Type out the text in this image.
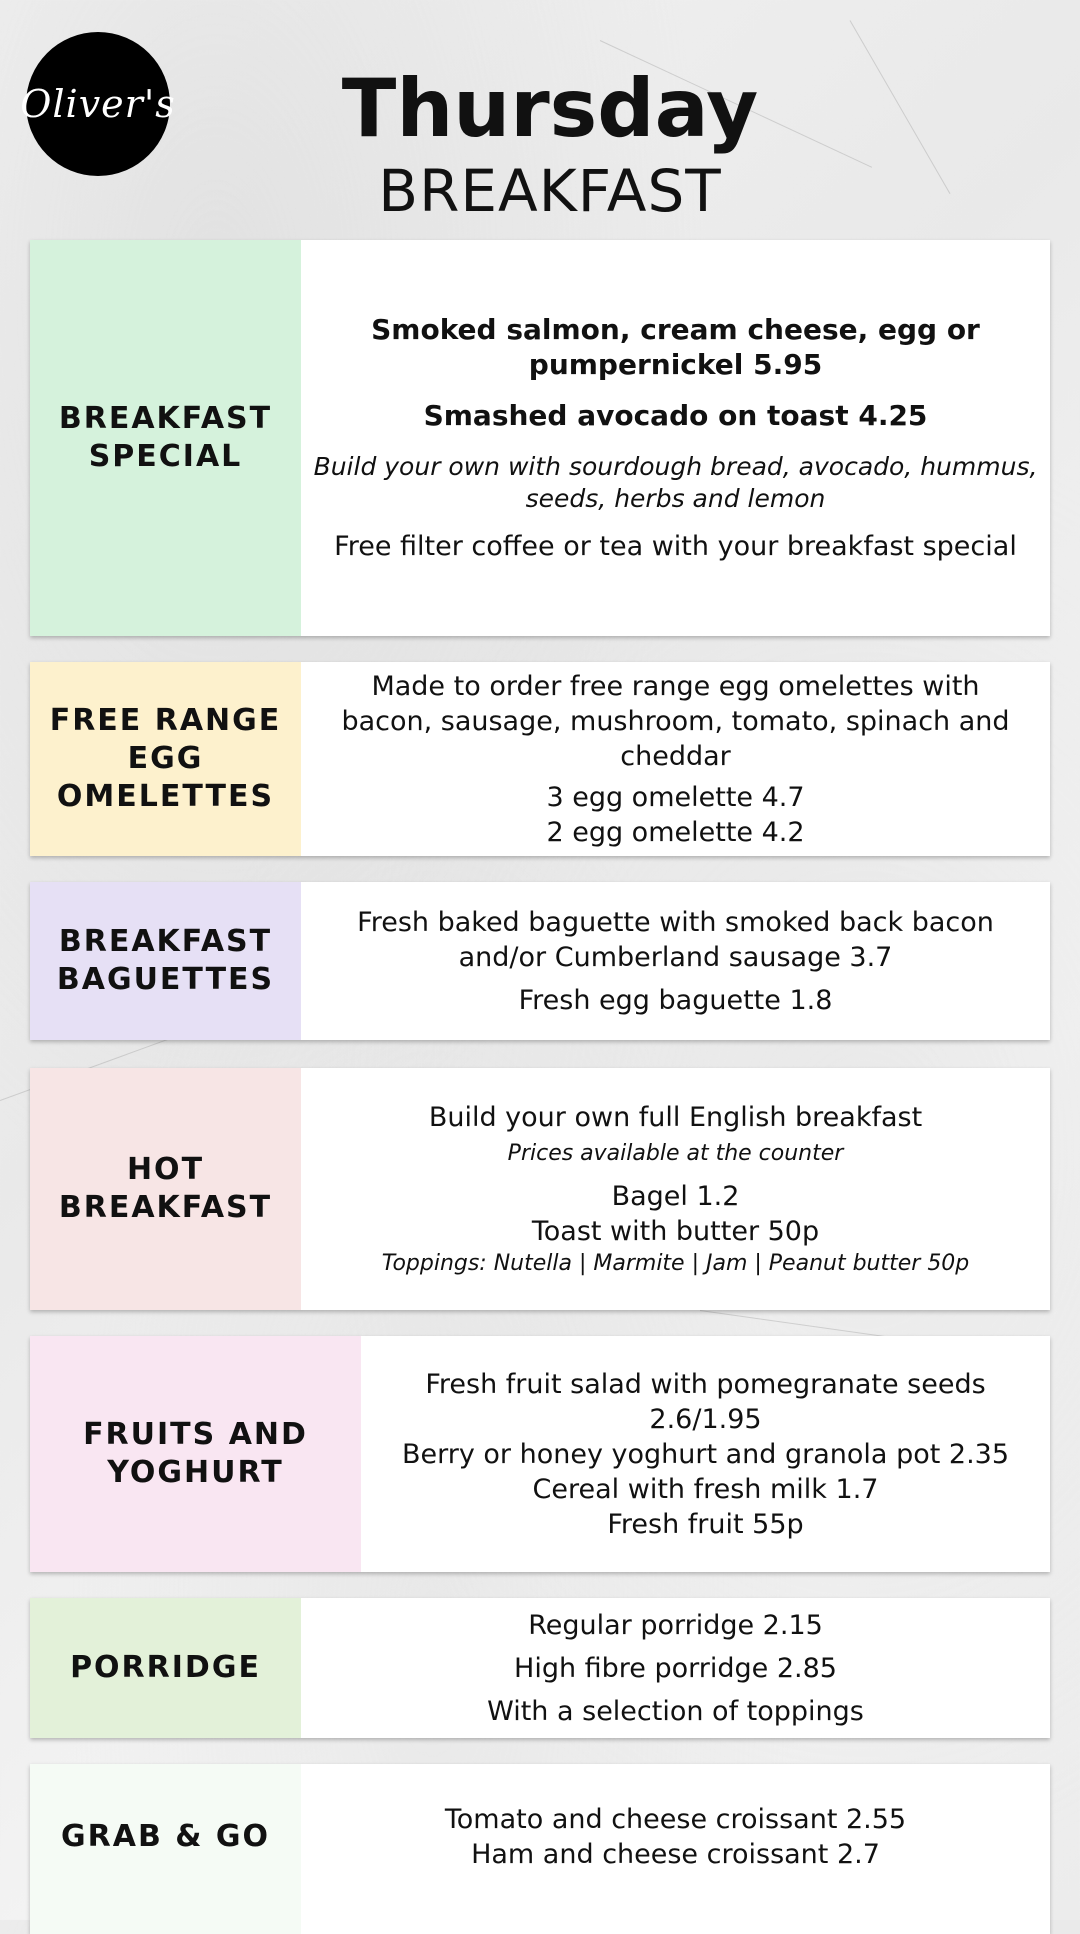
Oliver's	Thursday
BREAKFAST
BREAKFAST SPECIAL
Smoked salmon, cream cheese, egg or pumpernickel 5.95
Smashed avocado on toast 4.25
Build your own with sourdough bread, avocado, hummus, seeds, herbs and lemon
Free filter coffee or tea with your breakfast special
FREE RANGE EGG OMELETTES
Made to order free range egg omelettes with bacon, sausage, mushroom, tomato, spinach and cheddar
3 egg omelette 4.7
2 egg omelette 4.2
BREAKFAST BAGUETTES
Fresh baked baguette with smoked back bacon and/or Cumberland sausage 3.7
Fresh egg baguette 1.8
HOT BREAKFAST
Build your own full English breakfast
Prices available at the counter
Bagel 1.2
Toast with butter 50p
Toppings: Nutella | Marmite | Jam | Peanut butter 50p
FRUITS AND YOGHURT
Fresh fruit salad with pomegranate seeds 2.6/1.95
Berry or honey yoghurt and granola pot 2.35
Cereal with fresh milk 1.7
Fresh fruit 55p
PORRIDGE
Regular porridge 2.15
High fibre porridge 2.85
With a selection of toppings
GRAB & GO	Tomato and cheese croissant 2.55
Ham and cheese croissant 2.7
